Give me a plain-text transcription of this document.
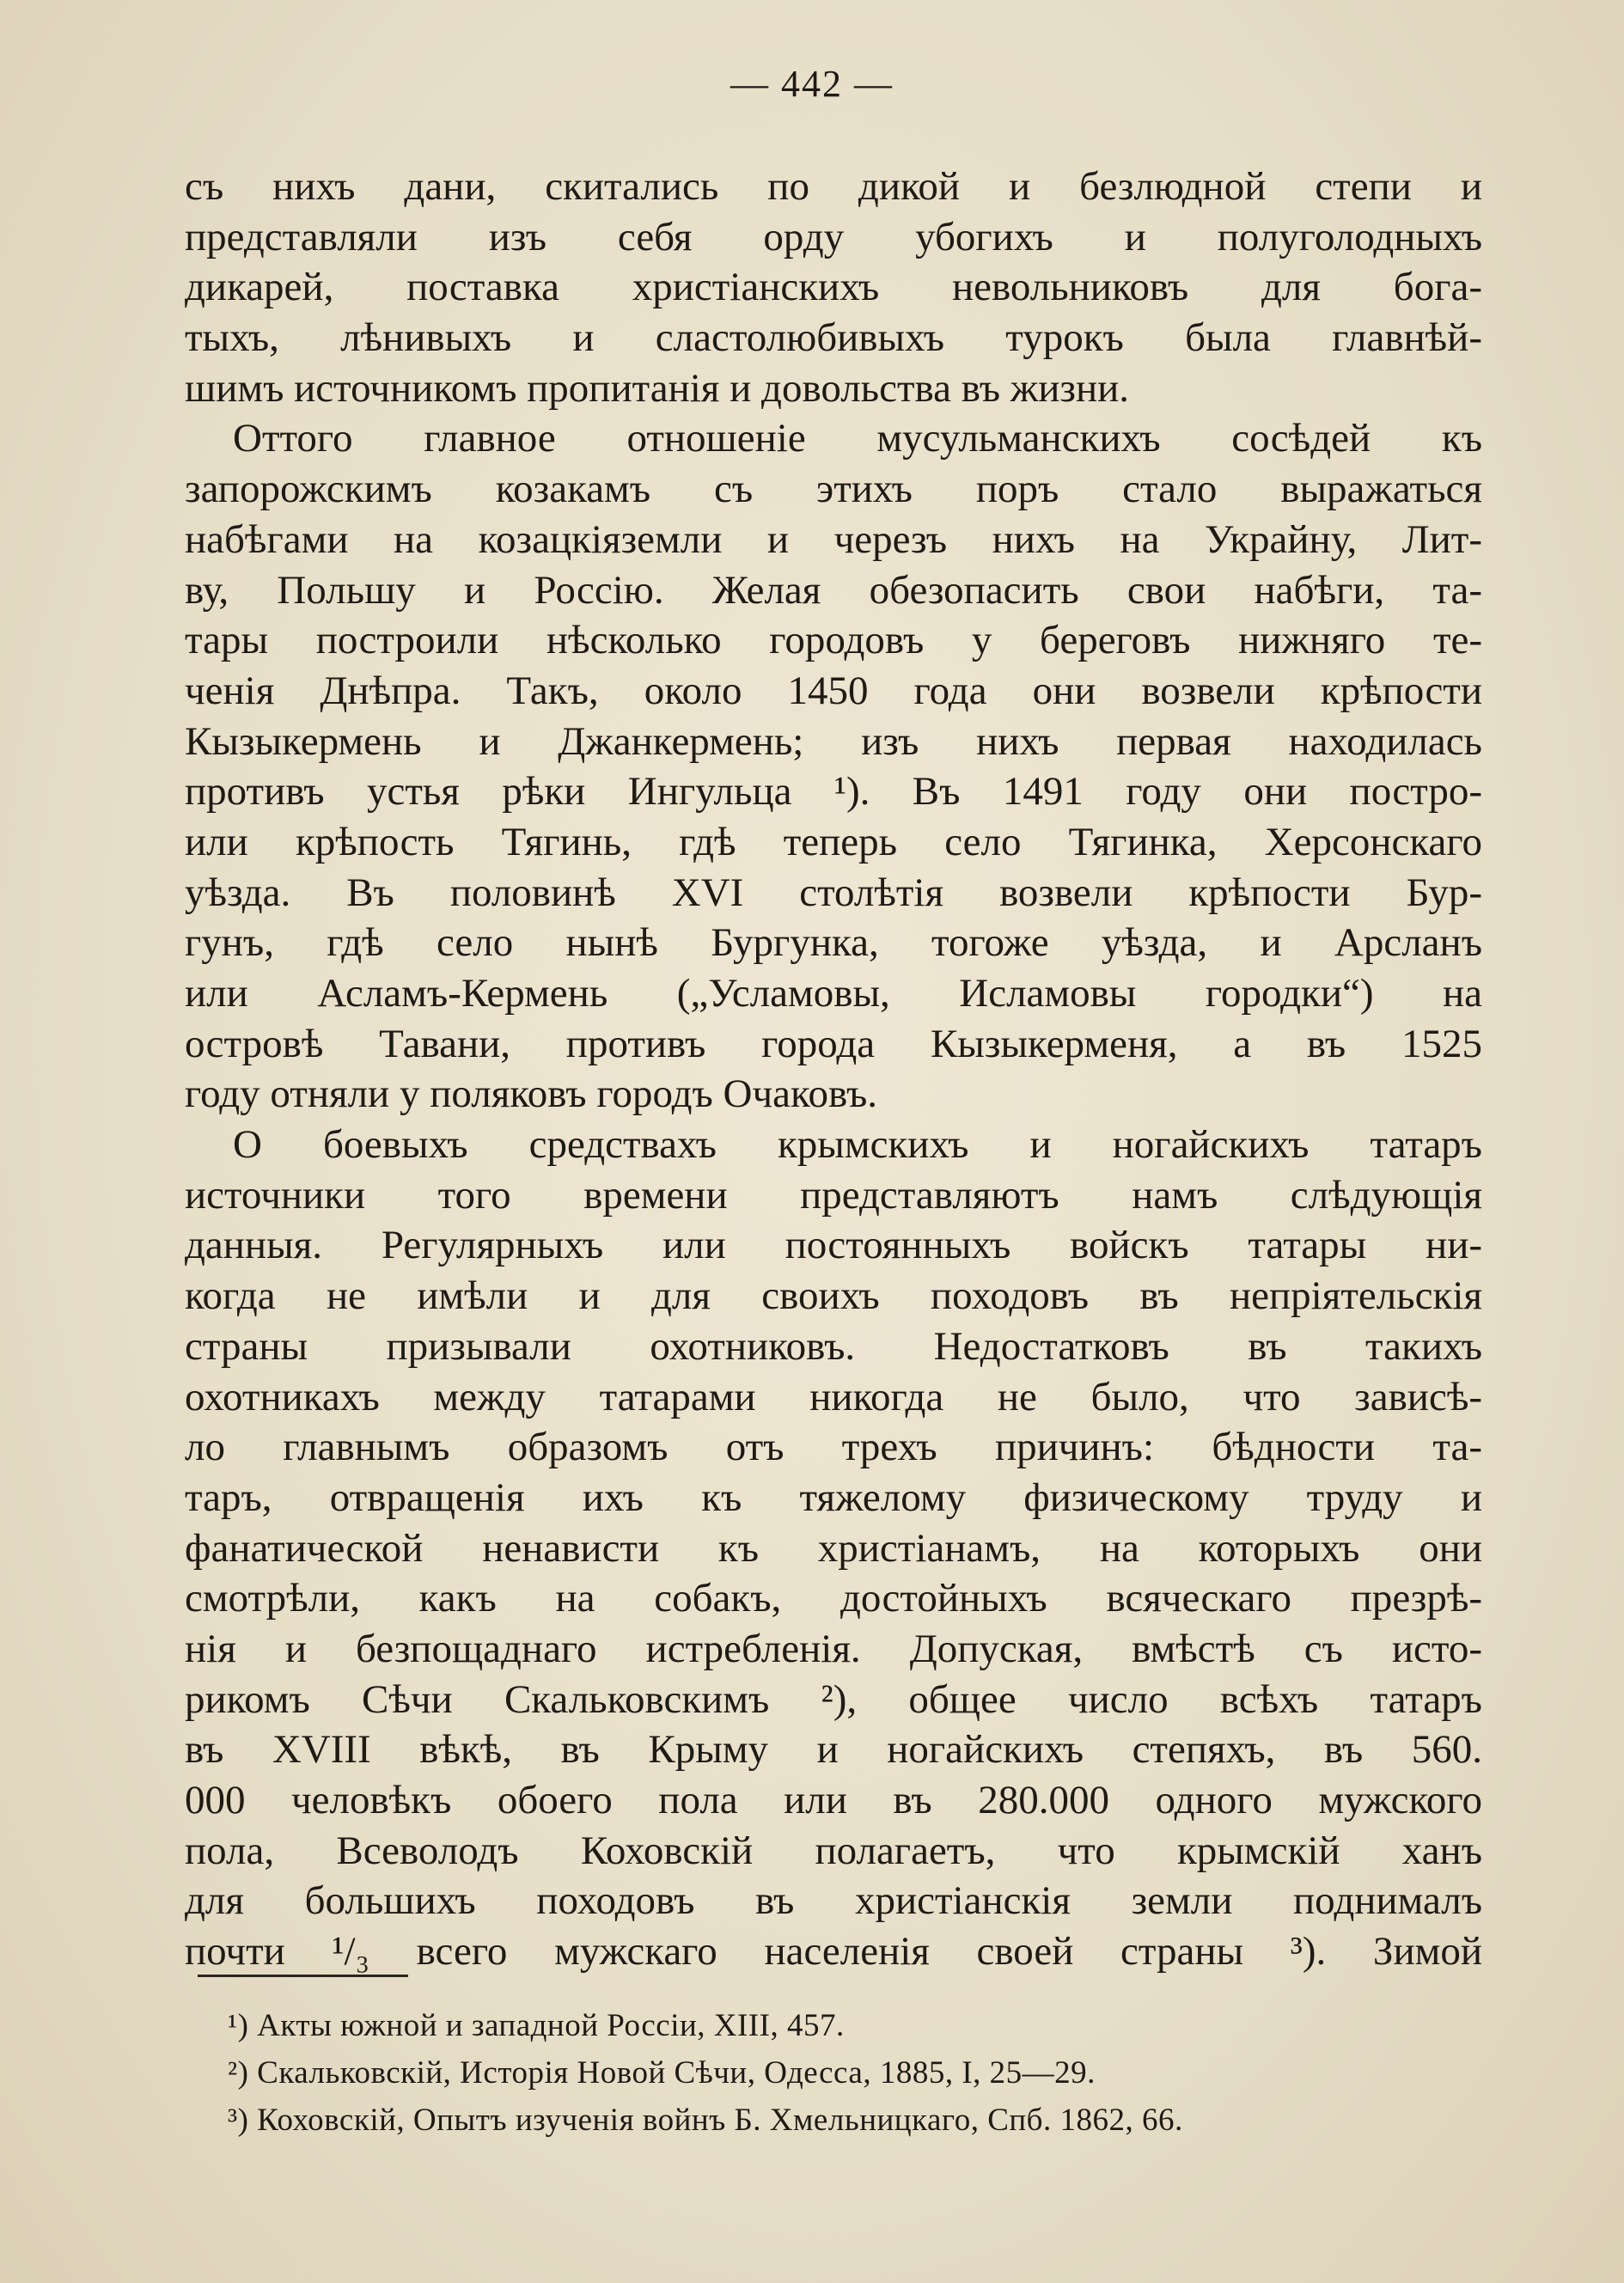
— 442 —
съ нихъ дани, скитались по дикой и безлюдной степи и
представляли изъ себя орду убогихъ и полуголодныхъ
дикарей, поставка христіанскихъ невольниковъ для бога-
тыхъ, лѣнивыхъ и сластолюбивыхъ турокъ была главнѣй-
шимъ источникомъ пропитанія и довольства въ жизни.
Оттого главное отношеніе мусульманскихъ сосѣдей къ
запорожскимъ козакамъ съ этихъ поръ стало выражаться
набѣгами на козацкіяземли и черезъ нихъ на Украйну, Лит-
ву, Польшу и Россію. Желая обезопасить свои набѣги, та-
тары построили нѣсколько городовъ у береговъ нижняго те-
ченія Днѣпра. Такъ, около 1450 года они возвели крѣпости
Кызыкермень и Джанкермень; изъ нихъ первая находилась
противъ устья рѣки Ингульца ¹). Въ 1491 году они постро-
или крѣпость Тягинь, гдѣ теперь село Тягинка, Херсонскаго
уѣзда. Въ половинѣ XVI столѣтія возвели крѣпости Бур-
гунъ, гдѣ село нынѣ Бургунка, тогоже уѣзда, и Арсланъ
или Асламъ-Кермень („Усламовы, Исламовы городки“) на
островѣ Тавани, противъ города Кызыкерменя, а въ 1525
году отняли у поляковъ городъ Очаковъ.
О боевыхъ средствахъ крымскихъ и ногайскихъ татаръ
источники того времени представляютъ намъ слѣдующія
данныя. Регулярныхъ или постоянныхъ войскъ татары ни-
когда не имѣли и для своихъ походовъ въ непріятельскія
страны призывали охотниковъ. Недостатковъ въ такихъ
охотникахъ между татарами никогда не было, что зависѣ-
ло главнымъ образомъ отъ трехъ причинъ: бѣдности та-
таръ, отвращенія ихъ къ тяжелому физическому труду и
фанатической ненависти къ христіанамъ, на которыхъ они
смотрѣли, какъ на собакъ, достойныхъ всяческаго презрѣ-
нія и безпощаднаго истребленія. Допуская, вмѣстѣ съ исто-
рикомъ Сѣчи Скальковскимъ ²), общее число всѣхъ татаръ
въ XVIII вѣкѣ, въ Крыму и ногайскихъ степяхъ, въ 560.
000 человѣкъ обоего пола или въ 280.000 одного мужского
пола, Всеволодъ Коховскій полагаетъ, что крымскій ханъ
для большихъ походовъ въ христіанскія земли поднималъ
почти ¹/₃ всего мужскаго населенія своей страны ³). Зимой
¹) Акты южной и западной Россіи, XIII, 457.
²) Скальковскій, Исторія Новой Сѣчи, Одесса, 1885, I, 25—29.
³) Коховскій, Опытъ изученія войнъ Б. Хмельницкаго, Спб. 1862, 66.
